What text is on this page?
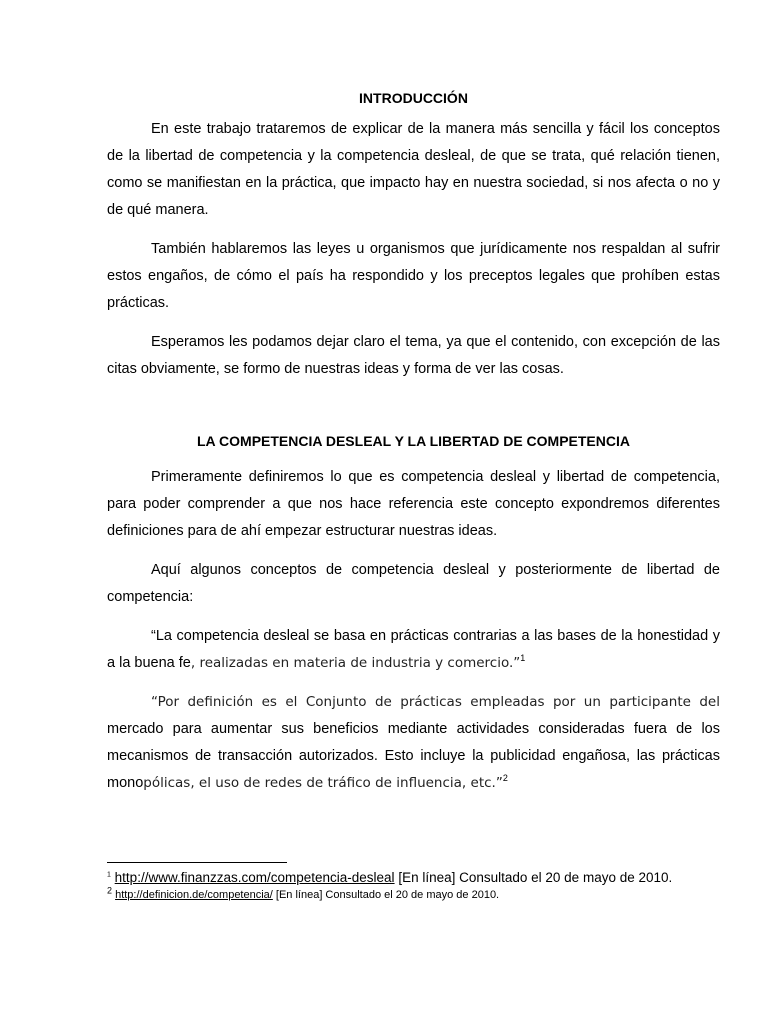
INTRODUCCIÓN

En este trabajo trataremos de explicar de la manera más sencilla y fácil los conceptos de la libertad de competencia y la competencia desleal, de que se trata, qué relación tienen, como se manifiestan en la práctica, que impacto hay en nuestra sociedad, si nos afecta o no y de qué manera.

También hablaremos las leyes u organismos que jurídicamente nos respaldan al sufrir estos engaños, de cómo el país ha respondido y los preceptos legales que prohíben estas prácticas.

Esperamos les podamos dejar claro el tema, ya que el contenido, con excepción de las citas obviamente, se formo de nuestras ideas y forma de ver las cosas.

LA COMPETENCIA DESLEAL Y LA LIBERTAD DE COMPETENCIA

Primeramente definiremos lo que es competencia desleal y libertad de competencia, para poder comprender a que nos hace referencia este concepto expondremos diferentes definiciones para de ahí empezar estructurar nuestras ideas.

Aquí algunos conceptos de competencia desleal y posteriormente de libertad de competencia:

“La competencia desleal se basa en prácticas contrarias a las bases de la honestidad y a la buena fe, realizadas en materia de industria y comercio.”$^1$

“Por definición es el Conjunto de prácticas empleadas por un participante del mercado para aumentar sus beneficios mediante actividades consideradas fuera de los mecanismos de transacción autorizados. Esto incluye la publicidad engañosa, las prácticas monopólicas, el uso de redes de tráfico de influencia, etc.”$^2$

$^1$ http://www.finanzzas.com/competencia-desleal [En línea] Consultado el 20 de mayo de 2010.
$^2$ http://definicion.de/competencia/ [En línea] Consultado el 20 de mayo de 2010.
